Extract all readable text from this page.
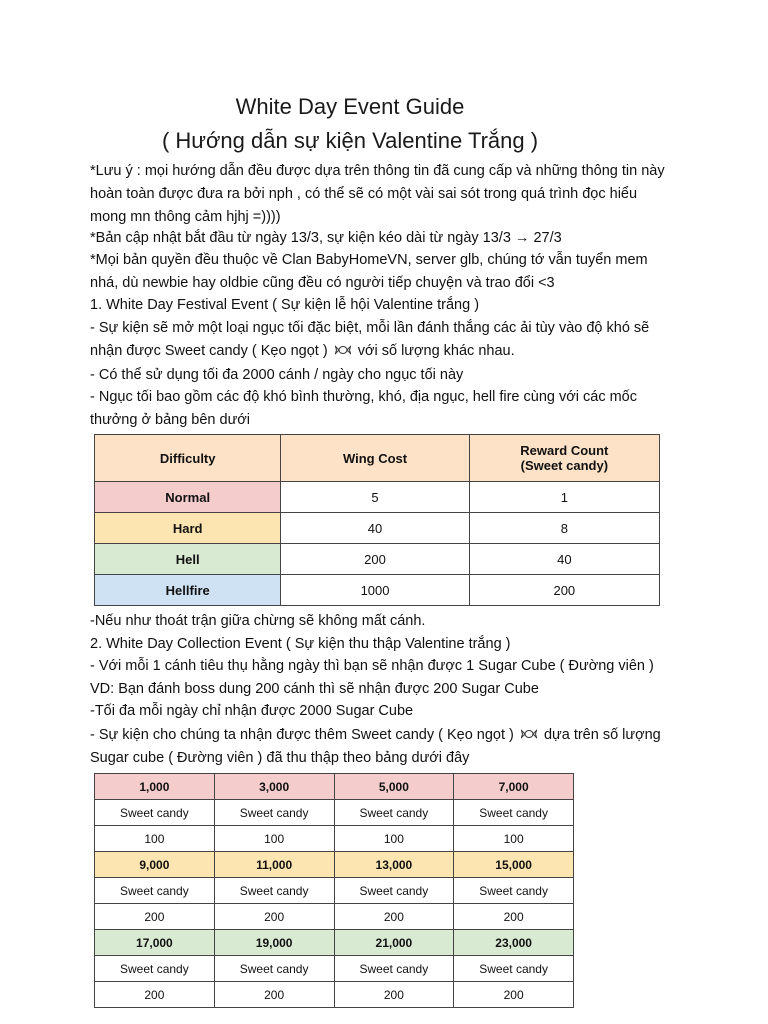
White Day Event Guide
( Hướng dẫn sự kiện Valentine Trắng )
*Lưu ý : mọi hướng dẫn đều được dựa trên thông tin đã cung cấp và những thông tin này
hoàn toàn được đưa ra bởi nph , có thể sẽ có một vài sai sót trong quá trình đọc hiểu
mong mn thông cảm hjhj =))))
*Bản cập nhật bắt đầu từ ngày 13/3, sự kiện kéo dài từ ngày 13/3 → 27/3
*Mọi bản quyền đều thuộc về Clan BabyHomeVN, server glb, chúng tớ vẫn tuyển mem
nhá, dù newbie hay oldbie cũng đều có người tiếp chuyện và trao đổi <3
1. White Day Festival Event ( Sự kiện lễ hội Valentine trắng )
- Sự kiện sẽ mở một loại ngục tối đặc biệt, mỗi lần đánh thắng các ải tùy vào độ khó sẽ
nhận được Sweet candy ( Kẹo ngọt )  với số lượng khác nhau.
- Có thể sử dụng tối đa 2000 cánh / ngày cho ngục tối này
- Ngục tối bao gồm các độ khó bình thường, khó, địa ngục, hell fire cùng với các mốc
thưởng ở bảng bên dưới
Difficulty	Wing Cost	Reward Count
(Sweet candy)
Normal	5	1
Hard	40	8
Hell	200	40
Hellfire	1000	200
-Nếu như thoát trận giữa chừng sẽ không mất cánh.
2. White Day Collection Event ( Sự kiện thu thập Valentine trắng )
- Với mỗi 1 cánh tiêu thụ hằng ngày thì bạn sẽ nhận được 1 Sugar Cube ( Đường viên )
VD: Bạn đánh boss dung 200 cánh thì sẽ nhận được 200 Sugar Cube
-Tối đa mỗi ngày chỉ nhận được 2000 Sugar Cube
- Sự kiện cho chúng ta nhận được thêm Sweet candy ( Kẹo ngọt )  dựa trên số lượng
Sugar cube ( Đường viên ) đã thu thập theo bảng dưới đây
1,000	3,000	5,000	7,000
Sweet candy	Sweet candy	Sweet candy	Sweet candy
100	100	100	100
9,000	11,000	13,000	15,000
Sweet candy	Sweet candy	Sweet candy	Sweet candy
200	200	200	200
17,000	19,000	21,000	23,000
Sweet candy	Sweet candy	Sweet candy	Sweet candy
200	200	200	200
